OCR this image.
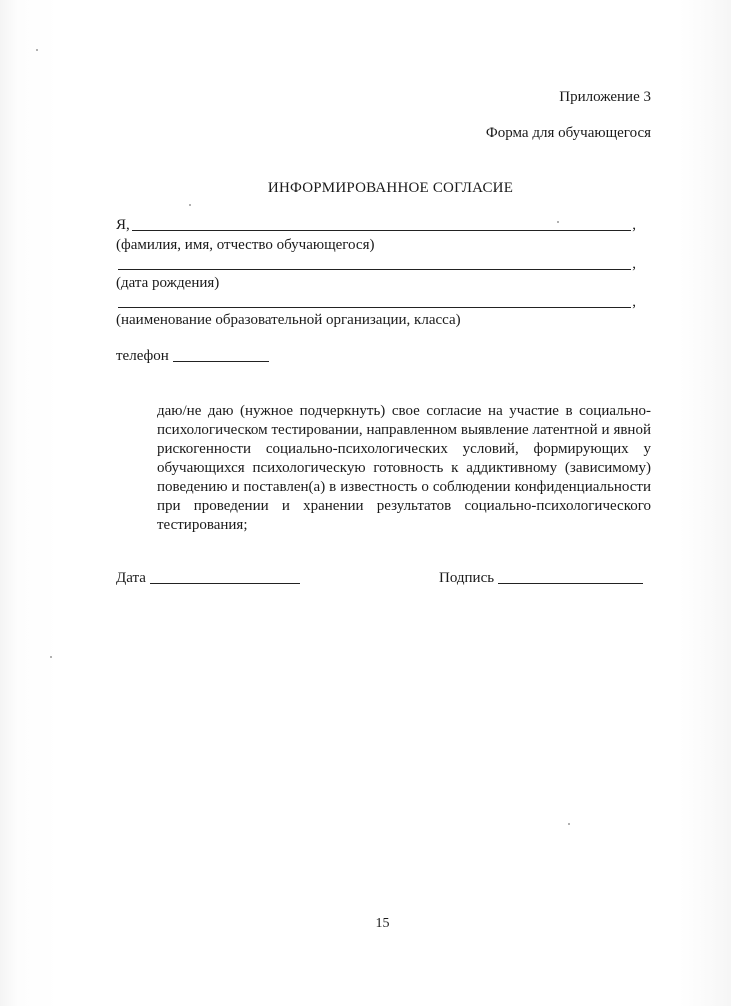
Приложение 3
Форма для обучающегося
ИНФОРМИРОВАННОЕ СОГЛАСИЕ
Я,	,
(фамилия, имя, отчество обучающегося)
,
(дата рождения)
,
(наименование образовательной организации, класса)
телефон
даю/не даю (нужное подчеркнуть) свое согласие на участие в социально-психологическом тестировании, направленном выявление латентной и явной рискогенности социально-психологических условий, формирующих у обучающихся психологическую готовность к аддиктивному (зависимому) поведению и поставлен(а) в известность о соблюдении конфиденциальности при проведении и хранении результатов социально-психологического тестирования;
Дата	Подпись
15
